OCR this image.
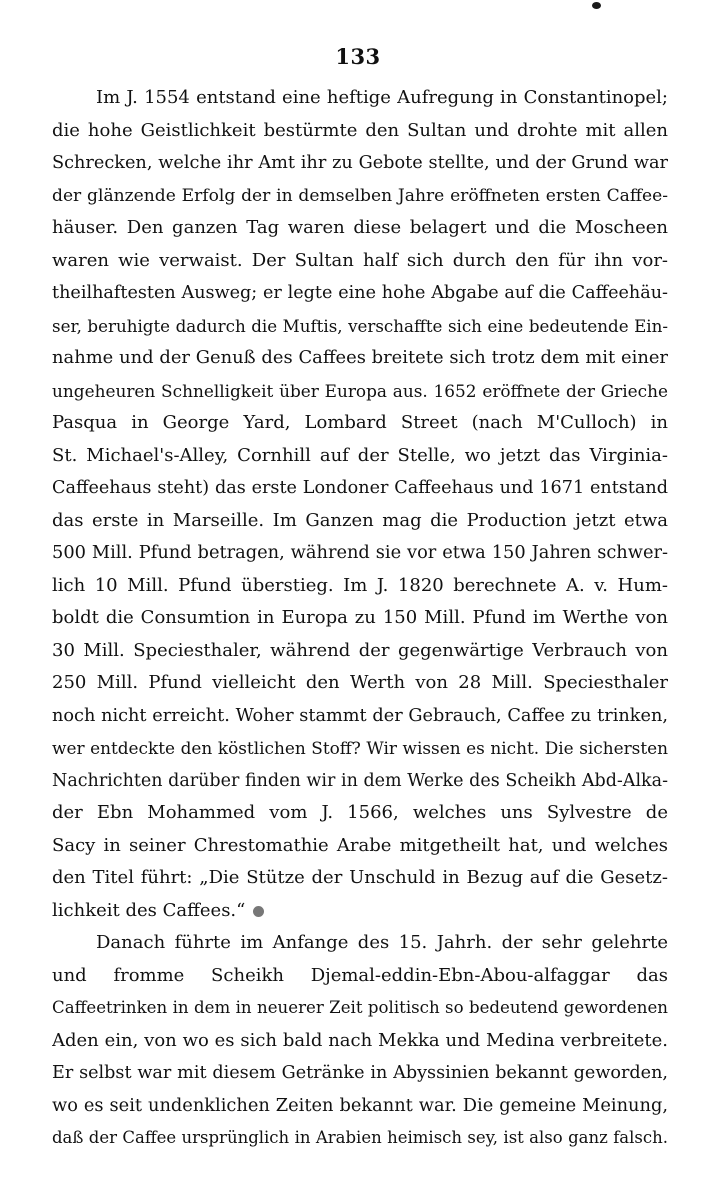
133
Im J. 1554 entstand eine heftige Aufregung in Constantinopel;
die hohe Geistlichkeit bestürmte den Sultan und drohte mit allen
Schrecken, welche ihr Amt ihr zu Gebote stellte, und der Grund war
der glänzende Erfolg der in demselben Jahre eröffneten ersten Caffee-
häuser. Den ganzen Tag waren diese belagert und die Moscheen
waren wie verwaist. Der Sultan half sich durch den für ihn vor-
theilhaftesten Ausweg; er legte eine hohe Abgabe auf die Caffeehäu-
ser, beruhigte dadurch die Muftis, verschaffte sich eine bedeutende Ein-
nahme und der Genuß des Caffees breitete sich trotz dem mit einer
ungeheuren Schnelligkeit über Europa aus. 1652 eröffnete der Grieche
Pasqua in George Yard, Lombard Street (nach M'Culloch) in
St. Michael's-Alley, Cornhill auf der Stelle, wo jetzt das Virginia-
Caffeehaus steht) das erste Londoner Caffeehaus und 1671 entstand
das erste in Marseille. Im Ganzen mag die Production jetzt etwa
500 Mill. Pfund betragen, während sie vor etwa 150 Jahren schwer-
lich 10 Mill. Pfund überstieg. Im J. 1820 berechnete A. v. Hum-
boldt die Consumtion in Europa zu 150 Mill. Pfund im Werthe von
30 Mill. Speciesthaler, während der gegenwärtige Verbrauch von
250 Mill. Pfund vielleicht den Werth von 28 Mill. Speciesthaler
noch nicht erreicht. Woher stammt der Gebrauch, Caffee zu trinken,
wer entdeckte den köstlichen Stoff? Wir wissen es nicht. Die sichersten
Nachrichten darüber finden wir in dem Werke des Scheikh Abd-Alka-
der Ebn Mohammed vom J. 1566, welches uns Sylvestre de
Sacy in seiner Chrestomathie Arabe mitgetheilt hat, und welches
den Titel führt: „Die Stütze der Unschuld in Bezug auf die Gesetz-
lichkeit des Caffees.“
Danach führte im Anfange des 15. Jahrh. der sehr gelehrte
und fromme Scheikh Djemal-eddin-Ebn-Abou-alfaggar das
Caffeetrinken in dem in neuerer Zeit politisch so bedeutend gewordenen
Aden ein, von wo es sich bald nach Mekka und Medina verbreitete.
Er selbst war mit diesem Getränke in Abyssinien bekannt geworden,
wo es seit undenklichen Zeiten bekannt war. Die gemeine Meinung,
daß der Caffee ursprünglich in Arabien heimisch sey, ist also ganz falsch.
